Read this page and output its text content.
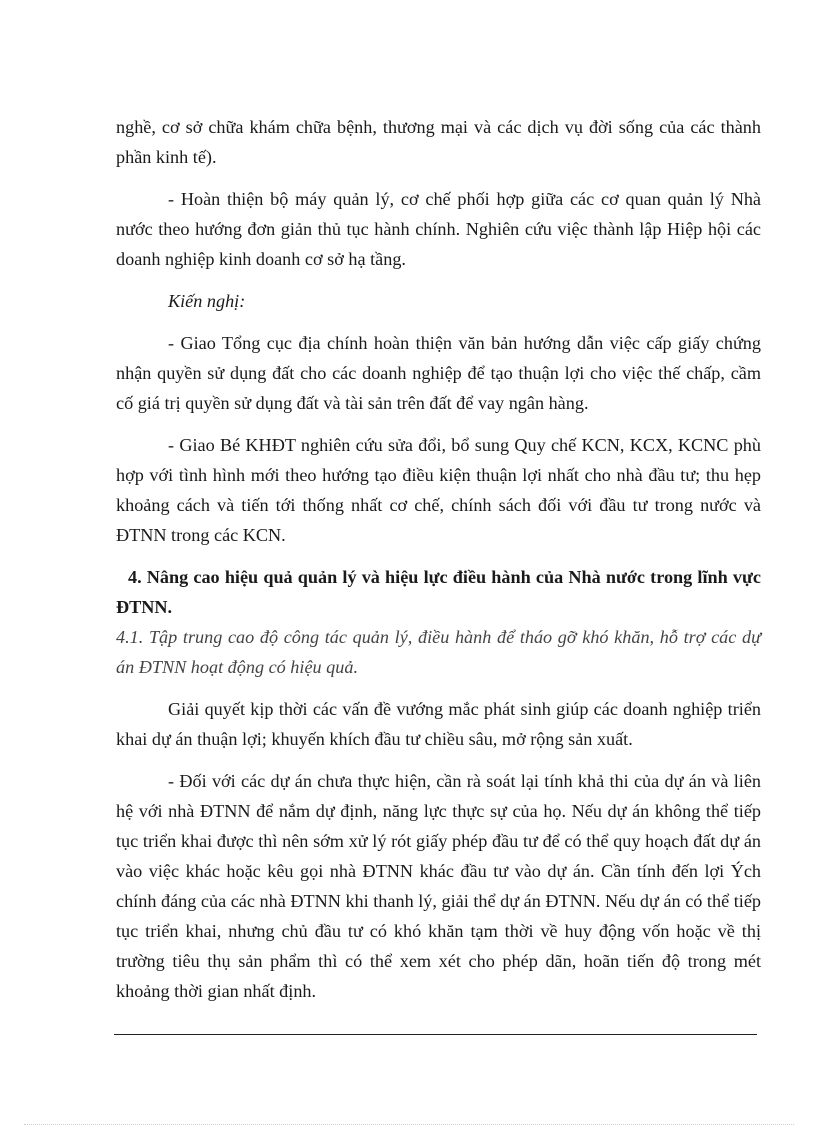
nghề, cơ sở chữa khám chữa bệnh, thương mại và các dịch vụ đời sống của các thành phần kinh tế).

- Hoàn thiện bộ máy quản lý, cơ chế phối hợp giữa các cơ quan quản lý Nhà nước theo hướng đơn giản thủ tục hành chính. Nghiên cứu việc thành lập Hiệp hội các doanh nghiệp kinh doanh cơ sở hạ tầng.

Kiến nghị:

- Giao Tổng cục địa chính hoàn thiện văn bản hướng dẫn việc cấp giấy chứng nhận quyền sử dụng đất cho các doanh nghiệp để tạo thuận lợi cho việc thế chấp, cầm cố giá trị quyền sử dụng đất và tài sản trên đất để vay ngân hàng.

- Giao Bé KHĐT nghiên cứu sửa đổi, bổ sung Quy chế KCN, KCX, KCNC phù hợp với tình hình mới theo hướng tạo điều kiện thuận lợi nhất cho nhà đầu tư; thu hẹp khoảng cách và tiến tới thống nhất cơ chế, chính sách đối với đầu tư trong nước và ĐTNN trong các KCN.

4. Nâng cao hiệu quả quản lý và hiệu lực điều hành của Nhà nước trong lĩnh vực ĐTNN.

4.1. Tập trung cao độ công tác quản lý, điều hành để tháo gỡ khó khăn, hỗ trợ các dự án ĐTNN hoạt động có hiệu quả.

Giải quyết kịp thời các vấn đề vướng mắc phát sinh giúp các doanh nghiệp triển khai dự án thuận lợi; khuyến khích đầu tư chiều sâu, mở rộng sản xuất.

- Đối với các dự án chưa thực hiện, cần rà soát lại tính khả thi của dự án và liên hệ với nhà ĐTNN để nắm dự định, năng lực thực sự của họ. Nếu dự án không thể tiếp tục triển khai được thì nên sớm xử lý rót giấy phép đầu tư để có thể quy hoạch đất dự án vào việc khác hoặc kêu gọi nhà ĐTNN khác đầu tư vào dự án. Cần tính đến lợi Ých chính đáng của các nhà ĐTNN khi thanh lý, giải thể dự án ĐTNN. Nếu dự án có thể tiếp tục triển khai, nhưng chủ đầu tư có khó khăn tạm thời về huy động vốn hoặc về thị trường tiêu thụ sản phẩm thì có thể xem xét cho phép dãn, hoãn tiến độ trong mét khoảng thời gian nhất định.
